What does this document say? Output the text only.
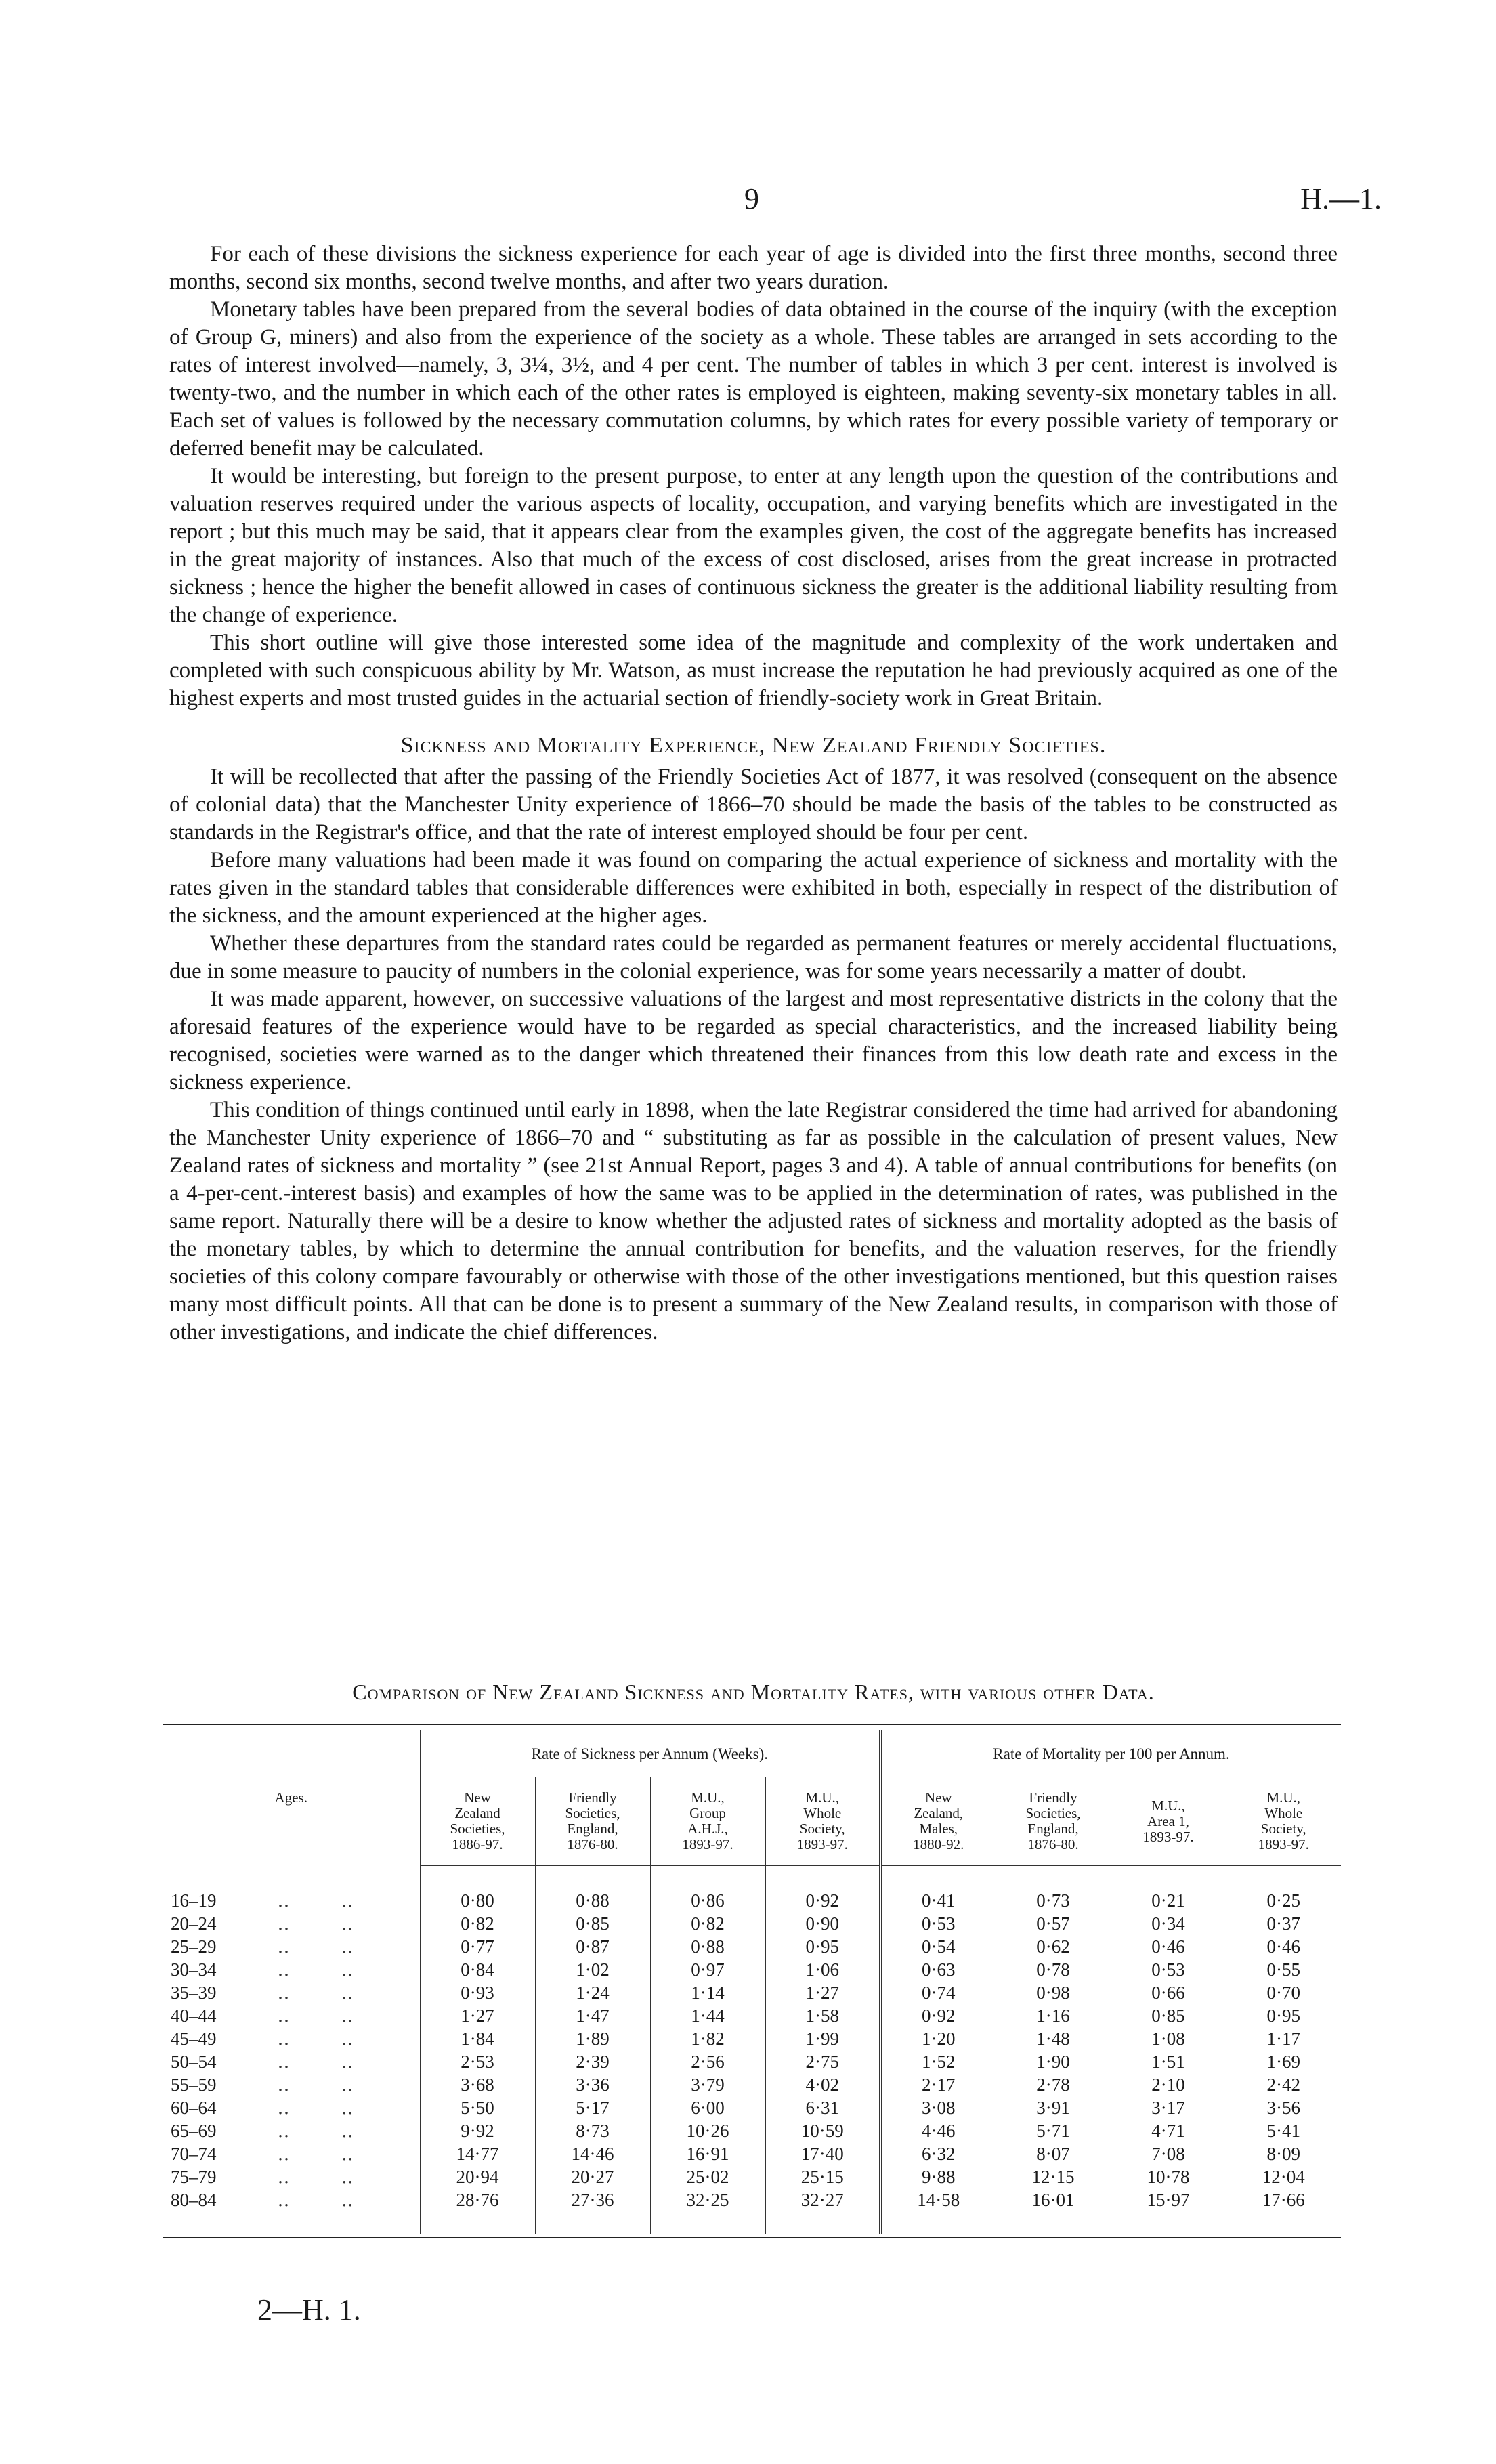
9	H.—1.

For each of these divisions the sickness experience for each year of age is divided into the first three months, second three months, second six months, second twelve months, and after two years duration.

Monetary tables have been prepared from the several bodies of data obtained in the course of the inquiry (with the exception of Group G, miners) and also from the experience of the society as a whole. These tables are arranged in sets according to the rates of interest involved—namely, 3, 3¼, 3½, and 4 per cent. The number of tables in which 3 per cent. interest is involved is twenty-two, and the number in which each of the other rates is employed is eighteen, making seventy-six monetary tables in all. Each set of values is followed by the necessary commutation columns, by which rates for every possible variety of temporary or deferred benefit may be calculated.

It would be interesting, but foreign to the present purpose, to enter at any length upon the question of the contributions and valuation reserves required under the various aspects of locality, occupation, and varying benefits which are investigated in the report ; but this much may be said, that it appears clear from the examples given, the cost of the aggregate benefits has increased in the great majority of instances. Also that much of the excess of cost disclosed, arises from the great increase in protracted sickness ; hence the higher the benefit allowed in cases of continuous sickness the greater is the additional liability resulting from the change of experience.

This short outline will give those interested some idea of the magnitude and complexity of the work undertaken and completed with such conspicuous ability by Mr. Watson, as must increase the reputation he had previously acquired as one of the highest experts and most trusted guides in the actuarial section of friendly-society work in Great Britain.

Sickness and Mortality Experience, New Zealand Friendly Societies.

It will be recollected that after the passing of the Friendly Societies Act of 1877, it was resolved (consequent on the absence of colonial data) that the Manchester Unity experience of 1866–70 should be made the basis of the tables to be constructed as standards in the Registrar's office, and that the rate of interest employed should be four per cent.

Before many valuations had been made it was found on comparing the actual experience of sickness and mortality with the rates given in the standard tables that considerable differences were exhibited in both, especially in respect of the distribution of the sickness, and the amount experienced at the higher ages.

Whether these departures from the standard rates could be regarded as permanent features or merely accidental fluctuations, due in some measure to paucity of numbers in the colonial experience, was for some years necessarily a matter of doubt.

It was made apparent, however, on successive valuations of the largest and most representative districts in the colony that the aforesaid features of the experience would have to be regarded as special characteristics, and the increased liability being recognised, societies were warned as to the danger which threatened their finances from this low death rate and excess in the sickness experience.

This condition of things continued until early in 1898, when the late Registrar considered the time had arrived for abandoning the Manchester Unity experience of 1866–70 and “ substituting as far as possible in the calculation of present values, New Zealand rates of sickness and mortality ” (see 21st Annual Report, pages 3 and 4). A table of annual contributions for benefits (on a 4-per-cent.-interest basis) and examples of how the same was to be applied in the determination of rates, was published in the same report. Naturally there will be a desire to know whether the adjusted rates of sickness and mortality adopted as the basis of the monetary tables, by which to determine the annual contribution for benefits, and the valuation reserves, for the friendly societies of this colony compare favourably or otherwise with those of the other investigations mentioned, but this question raises many most difficult points. All that can be done is to present a summary of the New Zealand results, in comparison with those of other investigations, and indicate the chief differences.

Comparison of New Zealand Sickness and Mortality Rates, with various other Data.
Ages.	Rate of Sickness per Annum (Weeks).				Rate of Mortality per 100 per Annum.			
	New
Zealand
Societies,
1886-97.	Friendly
Societies,
England,
1876-80.	M.U.,
Group
A.H.J.,
1893-97.	M.U.,
Whole
Society,
1893-97.	New
Zealand,
Males,
1880-92.	Friendly
Societies,
England,
1876-80.	M.U.,
Area 1,
1893-97.	M.U.,
Whole
Society,
1893-97.

16–19 ‥   ‥	0·80	0·88	0·86	0·92	0·41	0·73	0·21	0·25
20–24 ‥   ‥	0·82	0·85	0·82	0·90	0·53	0·57	0·34	0·37
25–29 ‥   ‥	0·77	0·87	0·88	0·95	0·54	0·62	0·46	0·46
30–34 ‥   ‥	0·84	1·02	0·97	1·06	0·63	0·78	0·53	0·55
35–39 ‥   ‥	0·93	1·24	1·14	1·27	0·74	0·98	0·66	0·70
40–44 ‥   ‥	1·27	1·47	1·44	1·58	0·92	1·16	0·85	0·95
45–49 ‥   ‥	1·84	1·89	1·82	1·99	1·20	1·48	1·08	1·17
50–54 ‥   ‥	2·53	2·39	2·56	2·75	1·52	1·90	1·51	1·69
55–59 ‥   ‥	3·68	3·36	3·79	4·02	2·17	2·78	2·10	2·42
60–64 ‥   ‥	5·50	5·17	6·00	6·31	3·08	3·91	3·17	3·56
65–69 ‥   ‥	9·92	8·73	10·26	10·59	4·46	5·71	4·71	5·41
70–74 ‥   ‥	14·77	14·46	16·91	17·40	6·32	8·07	7·08	8·09
75–79 ‥   ‥	20·94	20·27	25·02	25·15	9·88	12·15	10·78	12·04
80–84 ‥   ‥	28·76	27·36	32·25	32·27	14·58	16·01	15·97	17·66

2—H. 1.
